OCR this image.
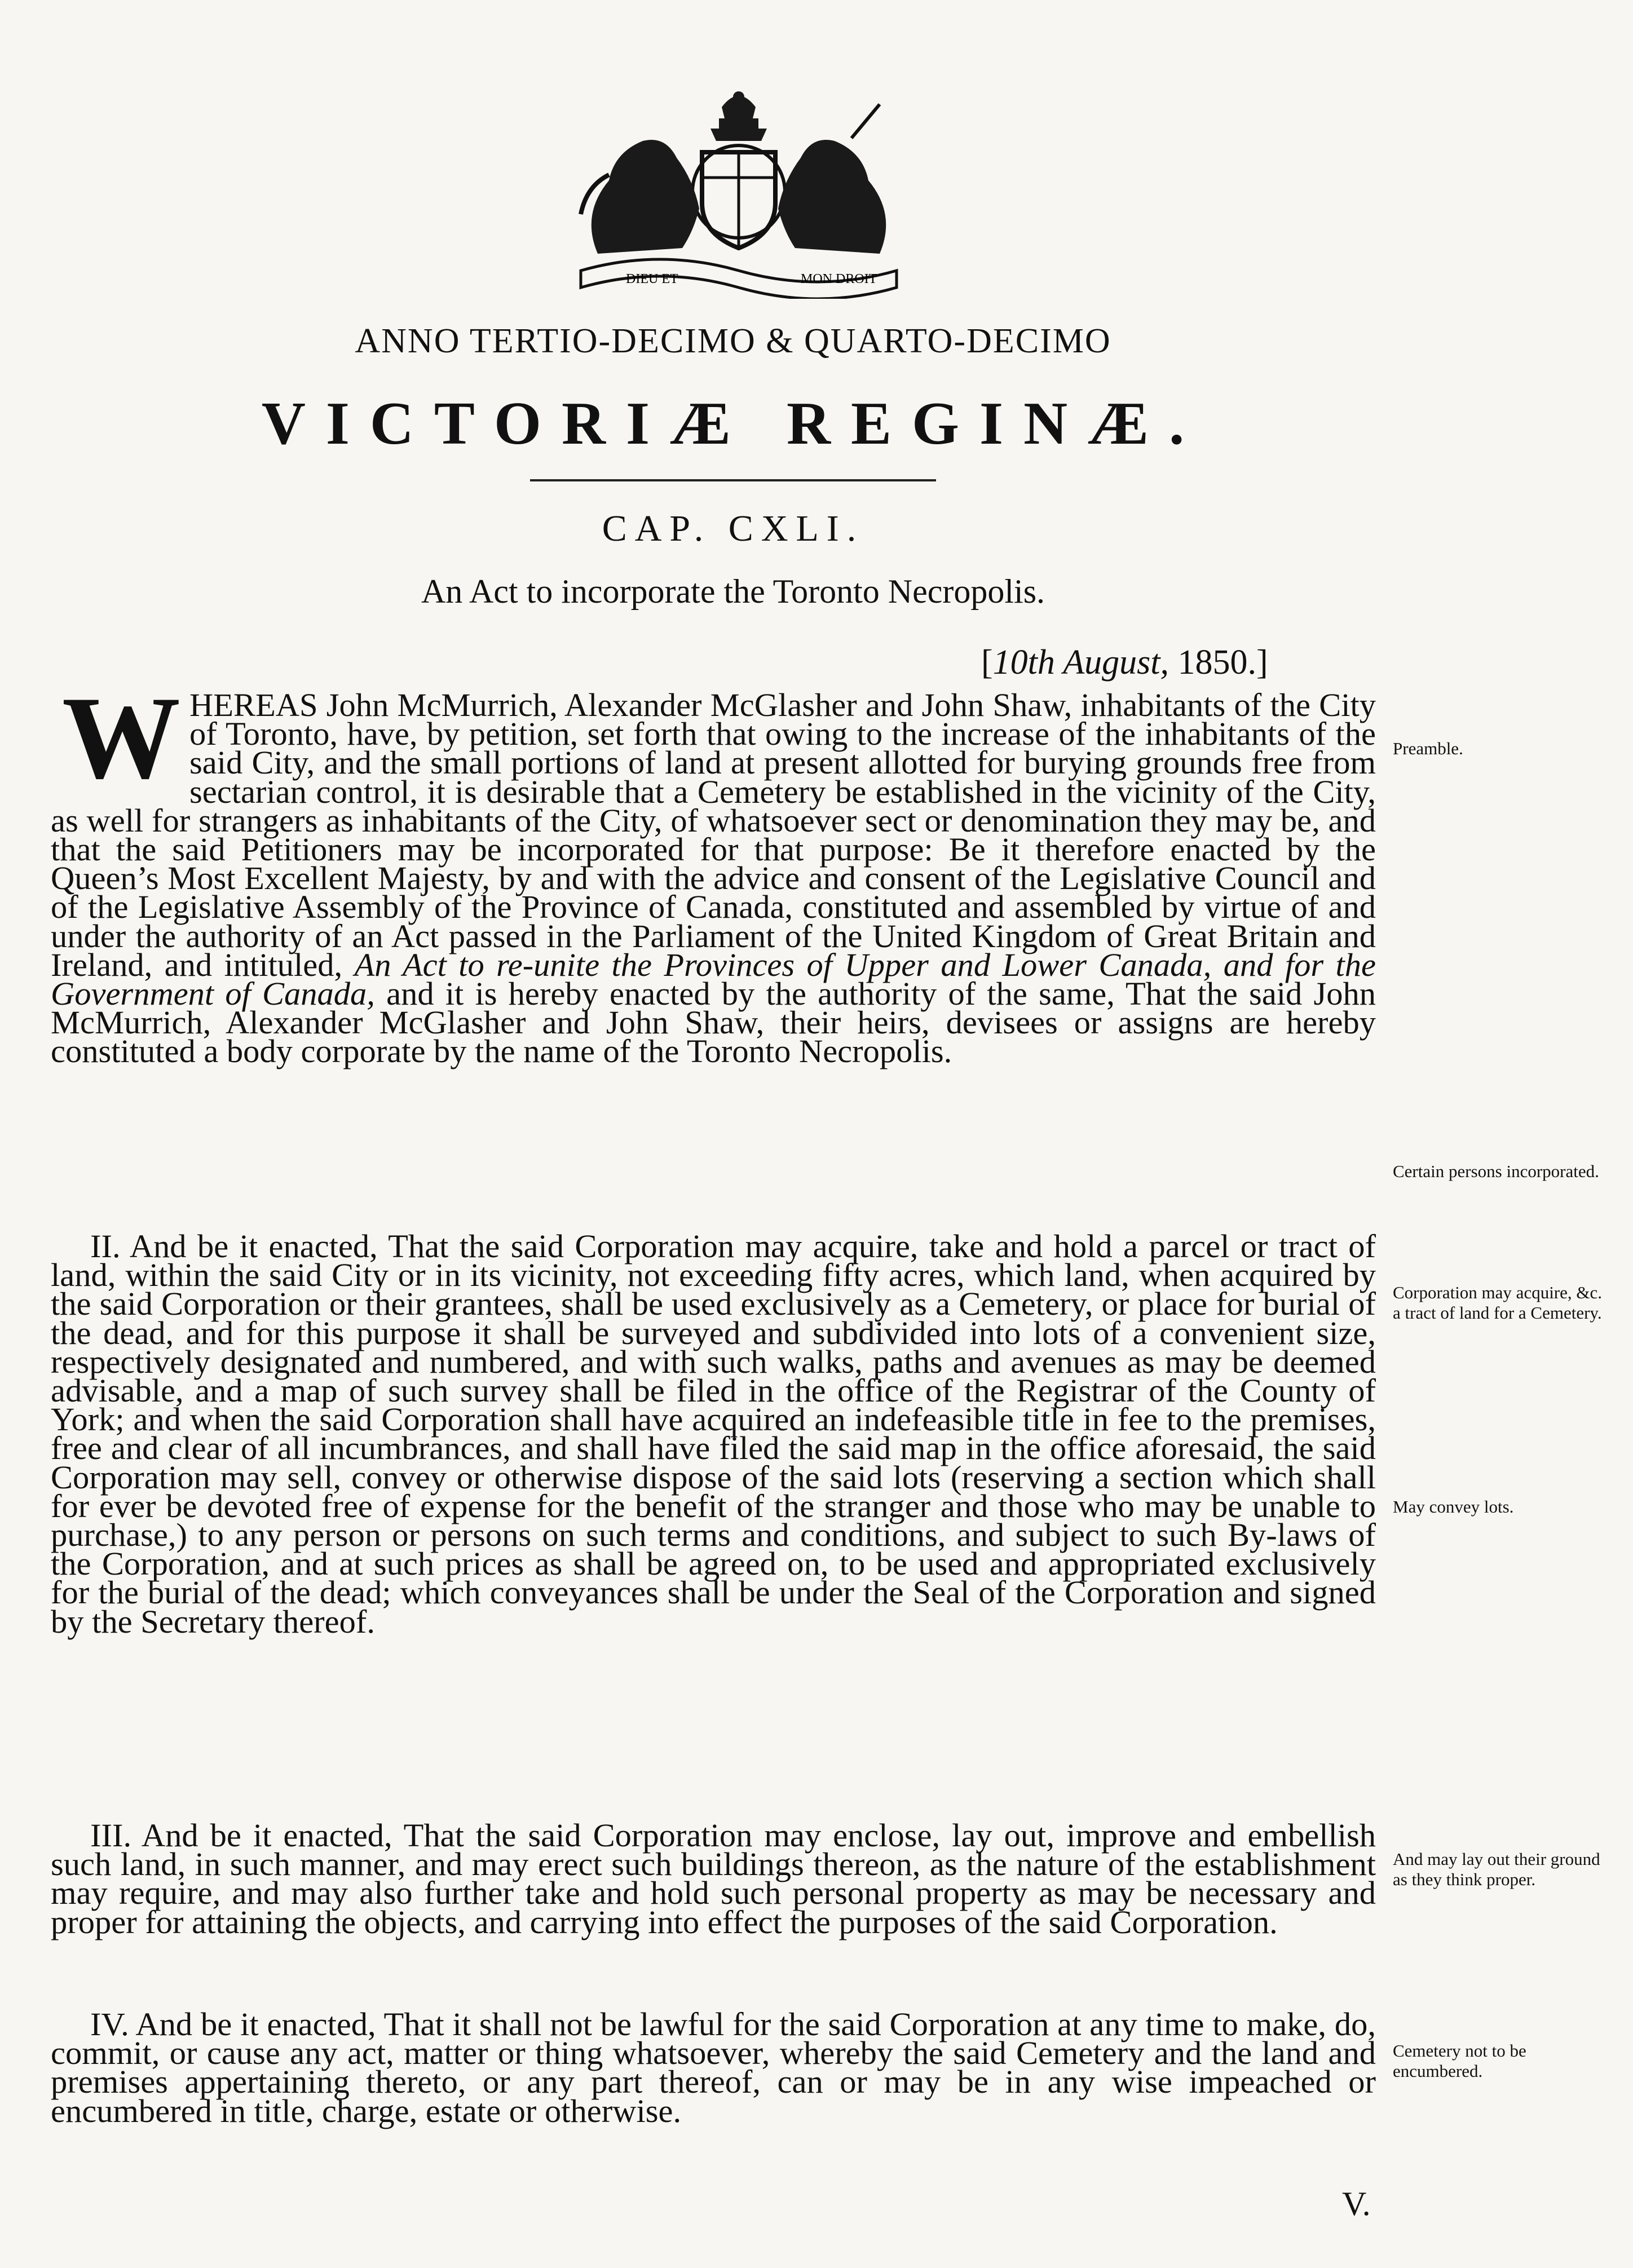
DIEU ET	MON DROIT
ANNO TERTIO-DECIMO & QUARTO-DECIMO
VICTORIÆ REGINÆ.
CAP. CXLI.
An Act to incorporate the Toronto Necropolis.
[10th August, 1850.]
WHEREAS John McMurrich, Alexander McGlasher and John Shaw, inhabitants of the City of Toronto, have, by petition, set forth that owing to the increase of the inhabitants of the said City, and the small portions of land at present allotted for burying grounds free from sectarian control, it is desirable that a Cemetery be established in the vicinity of the City, as well for strangers as inhabitants of the City, of whatsoever sect or denomination they may be, and that the said Petitioners may be incorporated for that purpose: Be it therefore enacted by the Queen’s Most Excellent Majesty, by and with the advice and consent of the Legislative Council and of the Legislative Assembly of the Province of Canada, constituted and assembled by virtue of and under the authority of an Act passed in the Parliament of the United Kingdom of Great Britain and Ireland, and intituled, An Act to re-unite the Provinces of Upper and Lower Canada, and for the Government of Canada, and it is hereby enacted by the authority of the same, That the said John McMurrich, Alexander McGlasher and John Shaw, their heirs, devisees or assigns are hereby constituted a body corporate by the name of the Toronto Necropolis.
II. And be it enacted, That the said Corporation may acquire, take and hold a parcel or tract of land, within the said City or in its vicinity, not exceeding fifty acres, which land, when acquired by the said Corporation or their grantees, shall be used exclusively as a Cemetery, or place for burial of the dead, and for this purpose it shall be surveyed and subdivided into lots of a convenient size, respectively designated and numbered, and with such walks, paths and avenues as may be deemed advisable, and a map of such survey shall be filed in the office of the Registrar of the County of York; and when the said Corporation shall have acquired an indefeasible title in fee to the premises, free and clear of all incumbrances, and shall have filed the said map in the office aforesaid, the said Corporation may sell, convey or otherwise dispose of the said lots (reserving a section which shall for ever be devoted free of expense for the benefit of the stranger and those who may be unable to purchase,) to any person or persons on such terms and conditions, and subject to such By-laws of the Corporation, and at such prices as shall be agreed on, to be used and appropriated exclusively for the burial of the dead; which conveyances shall be under the Seal of the Corporation and signed by the Secretary thereof.
III. And be it enacted, That the said Corporation may enclose, lay out, improve and embellish such land, in such manner, and may erect such buildings thereon, as the nature of the establishment may require, and may also further take and hold such personal property as may be necessary and proper for attaining the objects, and carrying into effect the purposes of the said Corporation.
IV. And be it enacted, That it shall not be lawful for the said Corporation at any time to make, do, commit, or cause any act, matter or thing whatsoever, whereby the said Cemetery and the land and premises appertaining thereto, or any part thereof, can or may be in any wise impeached or encumbered in title, charge, estate or otherwise.
Preamble.
Certain persons incorporated.
Corporation may acquire, &c. a tract of land for a Cemetery.
May convey lots.
And may lay out their ground as they think proper.
Cemetery not to be encumbered.
V.
